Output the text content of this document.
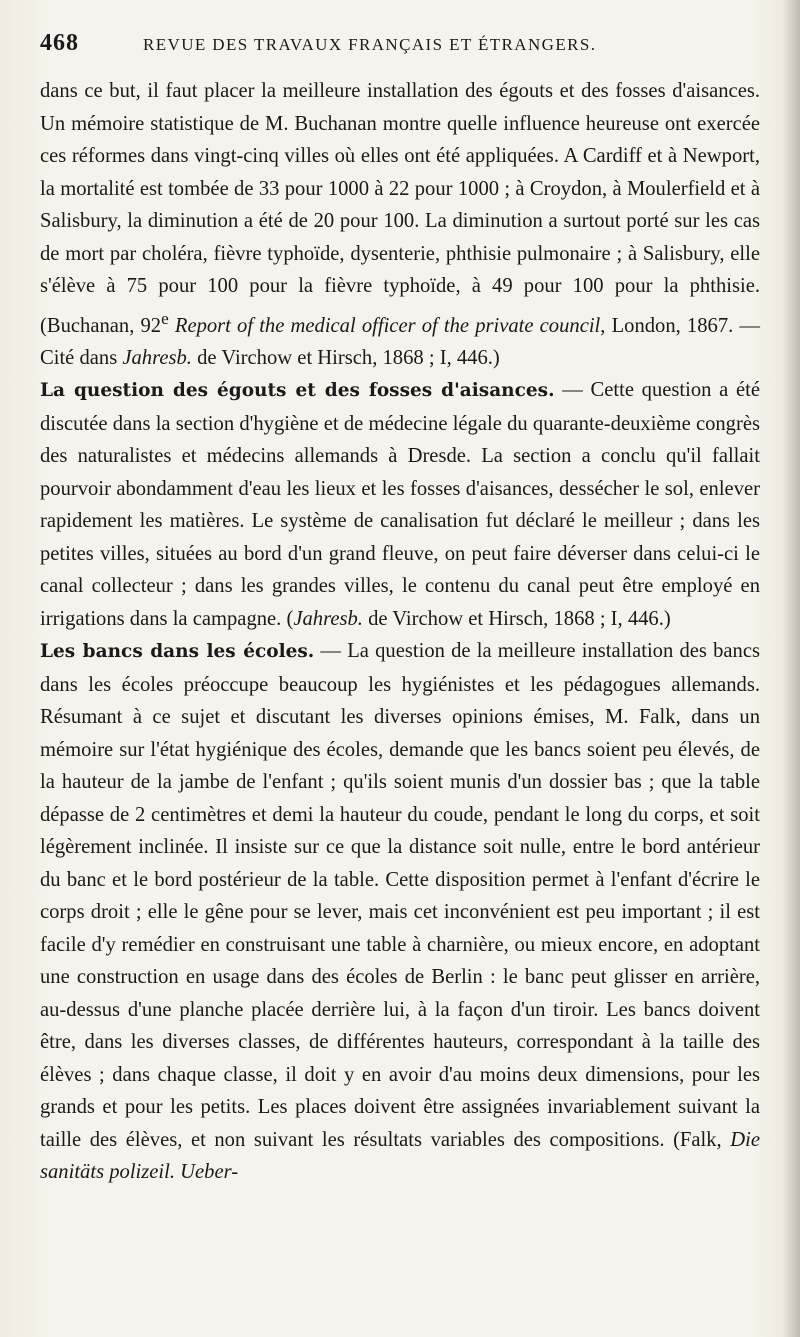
468	REVUE DES TRAVAUX FRANÇAIS ET ÉTRANGERS.

dans ce but, il faut placer la meilleure installation des égouts et des fosses d'aisances. Un mémoire statistique de M. Buchanan montre quelle influence heureuse ont exercée ces réformes dans vingt-cinq villes où elles ont été appliquées. A Cardiff et à Newport, la mortalité est tombée de 33 pour 1000 à 22 pour 1000 ; à Croydon, à Moulerfield et à Salisbury, la diminution a été de 20 pour 100. La diminution a surtout porté sur les cas de mort par choléra, fièvre typhoïde, dysenterie, phthisie pulmonaire ; à Salisbury, elle s'élève à 75 pour 100 pour la fièvre typhoïde, à 49 pour 100 pour la phthisie. (Buchanan, 92e Report of the medical officer of the private council, London, 1867. — Cité dans Jahresb. de Virchow et Hirsch, 1868 ; I, 446.)

La question des égouts et des fosses d'aisances. — Cette question a été discutée dans la section d'hygiène et de médecine légale du quarante-deuxième congrès des naturalistes et médecins allemands à Dresde. La section a conclu qu'il fallait pourvoir abondamment d'eau les lieux et les fosses d'aisances, dessécher le sol, enlever rapidement les matières. Le système de canalisation fut déclaré le meilleur ; dans les petites villes, situées au bord d'un grand fleuve, on peut faire déverser dans celui-ci le canal collecteur ; dans les grandes villes, le contenu du canal peut être employé en irrigations dans la campagne. (Jahresb. de Virchow et Hirsch, 1868 ; I, 446.)

Les bancs dans les écoles. — La question de la meilleure installation des bancs dans les écoles préoccupe beaucoup les hygiénistes et les pédagogues allemands. Résumant à ce sujet et discutant les diverses opinions émises, M. Falk, dans un mémoire sur l'état hygiénique des écoles, demande que les bancs soient peu élevés, de la hauteur de la jambe de l'enfant ; qu'ils soient munis d'un dossier bas ; que la table dépasse de 2 centimètres et demi la hauteur du coude, pendant le long du corps, et soit légèrement inclinée. Il insiste sur ce que la distance soit nulle, entre le bord antérieur du banc et le bord postérieur de la table. Cette disposition permet à l'enfant d'écrire le corps droit ; elle le gêne pour se lever, mais cet inconvénient est peu important ; il est facile d'y remédier en construisant une table à charnière, ou mieux encore, en adoptant une construction en usage dans des écoles de Berlin : le banc peut glisser en arrière, au-dessus d'une planche placée derrière lui, à la façon d'un tiroir. Les bancs doivent être, dans les diverses classes, de différentes hauteurs, correspondant à la taille des élèves ; dans chaque classe, il doit y en avoir d'au moins deux dimensions, pour les grands et pour les petits. Les places doivent être assignées invariablement suivant la taille des élèves, et non suivant les résultats variables des compositions. (Falk, Die sanitäts polizeil. Ueber-
